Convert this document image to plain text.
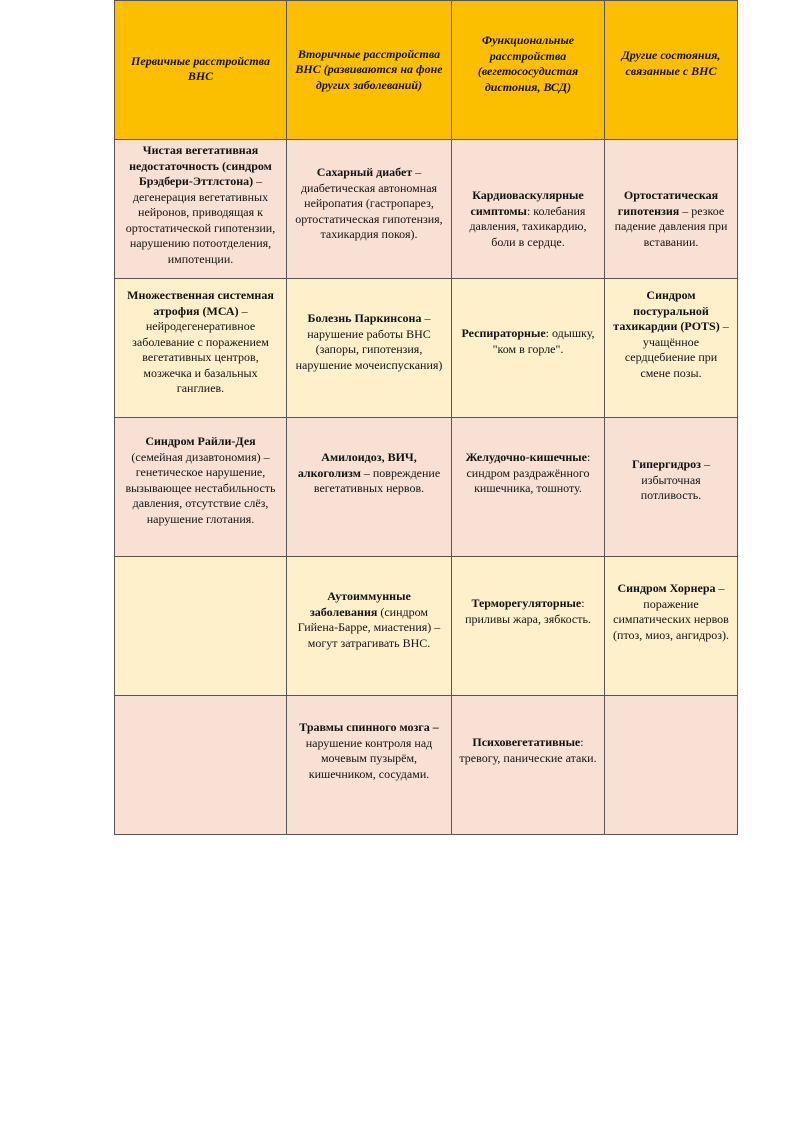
Первичные расстройства ВНС	Вторичные расстройства ВНС (развиваются на фоне других заболеваний)	Функциональные расстройства (вегетососудистая дистония, ВСД)	Другие состояния, связанные с ВНС

Чистая вегетативная недостаточность (синдром Брэдбери-Эттлстона) – дегенерация вегетативных нейронов, приводящая к ортостатической гипотензии, нарушению потоотделения, импотенции.	Сахарный диабет – диабетическая автономная нейропатия (гастропарез, ортостатическая гипотензия, тахикардия покоя).	Кардиоваскулярные симптомы: колебания давления, тахикардию, боли в сердце.	Ортостатическая гипотензия – резкое падение давления при вставании.
Множественная системная атрофия (МСА) – нейродегенеративное заболевание с поражением вегетативных центров, мозжечка и базальных ганглиев.	Болезнь Паркинсона – нарушение работы ВНС (запоры, гипотензия, нарушение мочеиспускания)	Респираторные: одышку, "ком в горле".	Синдром постуральной тахикардии (POTS) – учащённое сердцебиение при смене позы.
Синдром Райли-Дея (семейная дизавтономия) – генетическое нарушение, вызывающее нестабильность давления, отсутствие слёз, нарушение глотания.	Амилоидоз, ВИЧ, алкоголизм – повреждение вегетативных нервов.	Желудочно-кишечные: синдром раздражённого кишечника, тошноту.	Гипергидроз – избыточная потливость.
	Аутоиммунные заболевания (синдром Гийена-Барре, миастения) – могут затрагивать ВНС.	Терморегуляторные: приливы жара, зябкость.	Синдром Хорнера – поражение симпатических нервов (птоз, миоз, ангидроз).
	Травмы спинного мозга – нарушение контроля над мочевым пузырём, кишечником, сосудами.	Психовегетативные: тревогу, панические атаки.	
